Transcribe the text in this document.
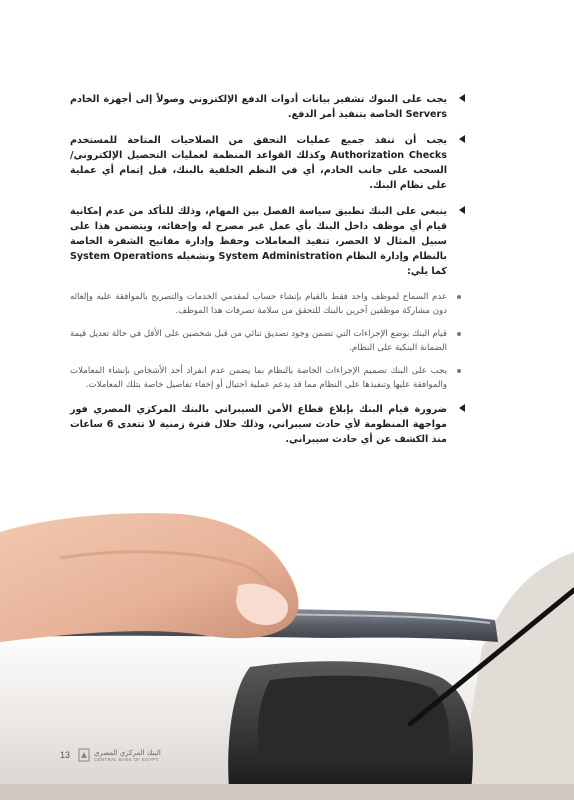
يجب على البنوك تشفير بيانات أدوات الدفع الإلكتروني وصولاً إلى أجهزة الخادم Servers الخاصة بتنفيذ أمر الدفع.
يجب أن تنفذ جميع عمليات التحقق من الصلاحيات المتاحة للمستخدم Authorization Checks وكذلك القواعد المنظمة لعمليات التحصيل الإلكتروني/السحب على جانب الخادم، أي في النظم الخلفية بالبنك، قبل إتمام أي عملية على نظام البنك.
ينبغي على البنك تطبيق سياسة الفصل بين المهام، وذلك للتأكد من عدم إمكانية قيام أي موظف داخل البنك بأي عمل غير مصرح له وإخفائه، ويتضمن هذا على سبيل المثال لا الحصر، تنفيذ المعاملات وحفظ وإدارة مفاتيح الشفرة الخاصة بالنظام وإدارة النظام System Administration وتشغيله System Operations كما يلي:
عدم السماح لموظف واحد فقط بالقيام بإنشاء حساب لمقدمي الخدمات والتصريح بالموافقة عليه وإلغائه دون مشاركة موظفين آخرين بالبنك للتحقق من سلامة تصرفات هذا الموظف.
قيام البنك بوضع الإجراءات التي تضمن وجود تصديق ثنائي من قبل شخصين على الأقل في حالة تعديل قيمة الضمانة البنكية على النظام.
يجب على البنك تصميم الإجراءات الخاصة بالنظام بما يضمن عدم انفراد أحد الأشخاص بإنشاء المعاملات والموافقة عليها وتنفيذها على النظام مما قد يدعم عملية احتيال أو إخفاء تفاصيل خاصة بتلك المعاملات.
ضرورة قيام البنك بإبلاغ قطاع الأمن السيبراني بالبنك المركزي المصري فور مواجهة المنظومة لأي حادث سيبراني، وذلك خلال فترة زمنية لا تتعدى 6 ساعات منذ الكشف عن أي حادث سيبراني.
13	البنك المركزي المصري
CENTRAL BANK OF EGYPT
